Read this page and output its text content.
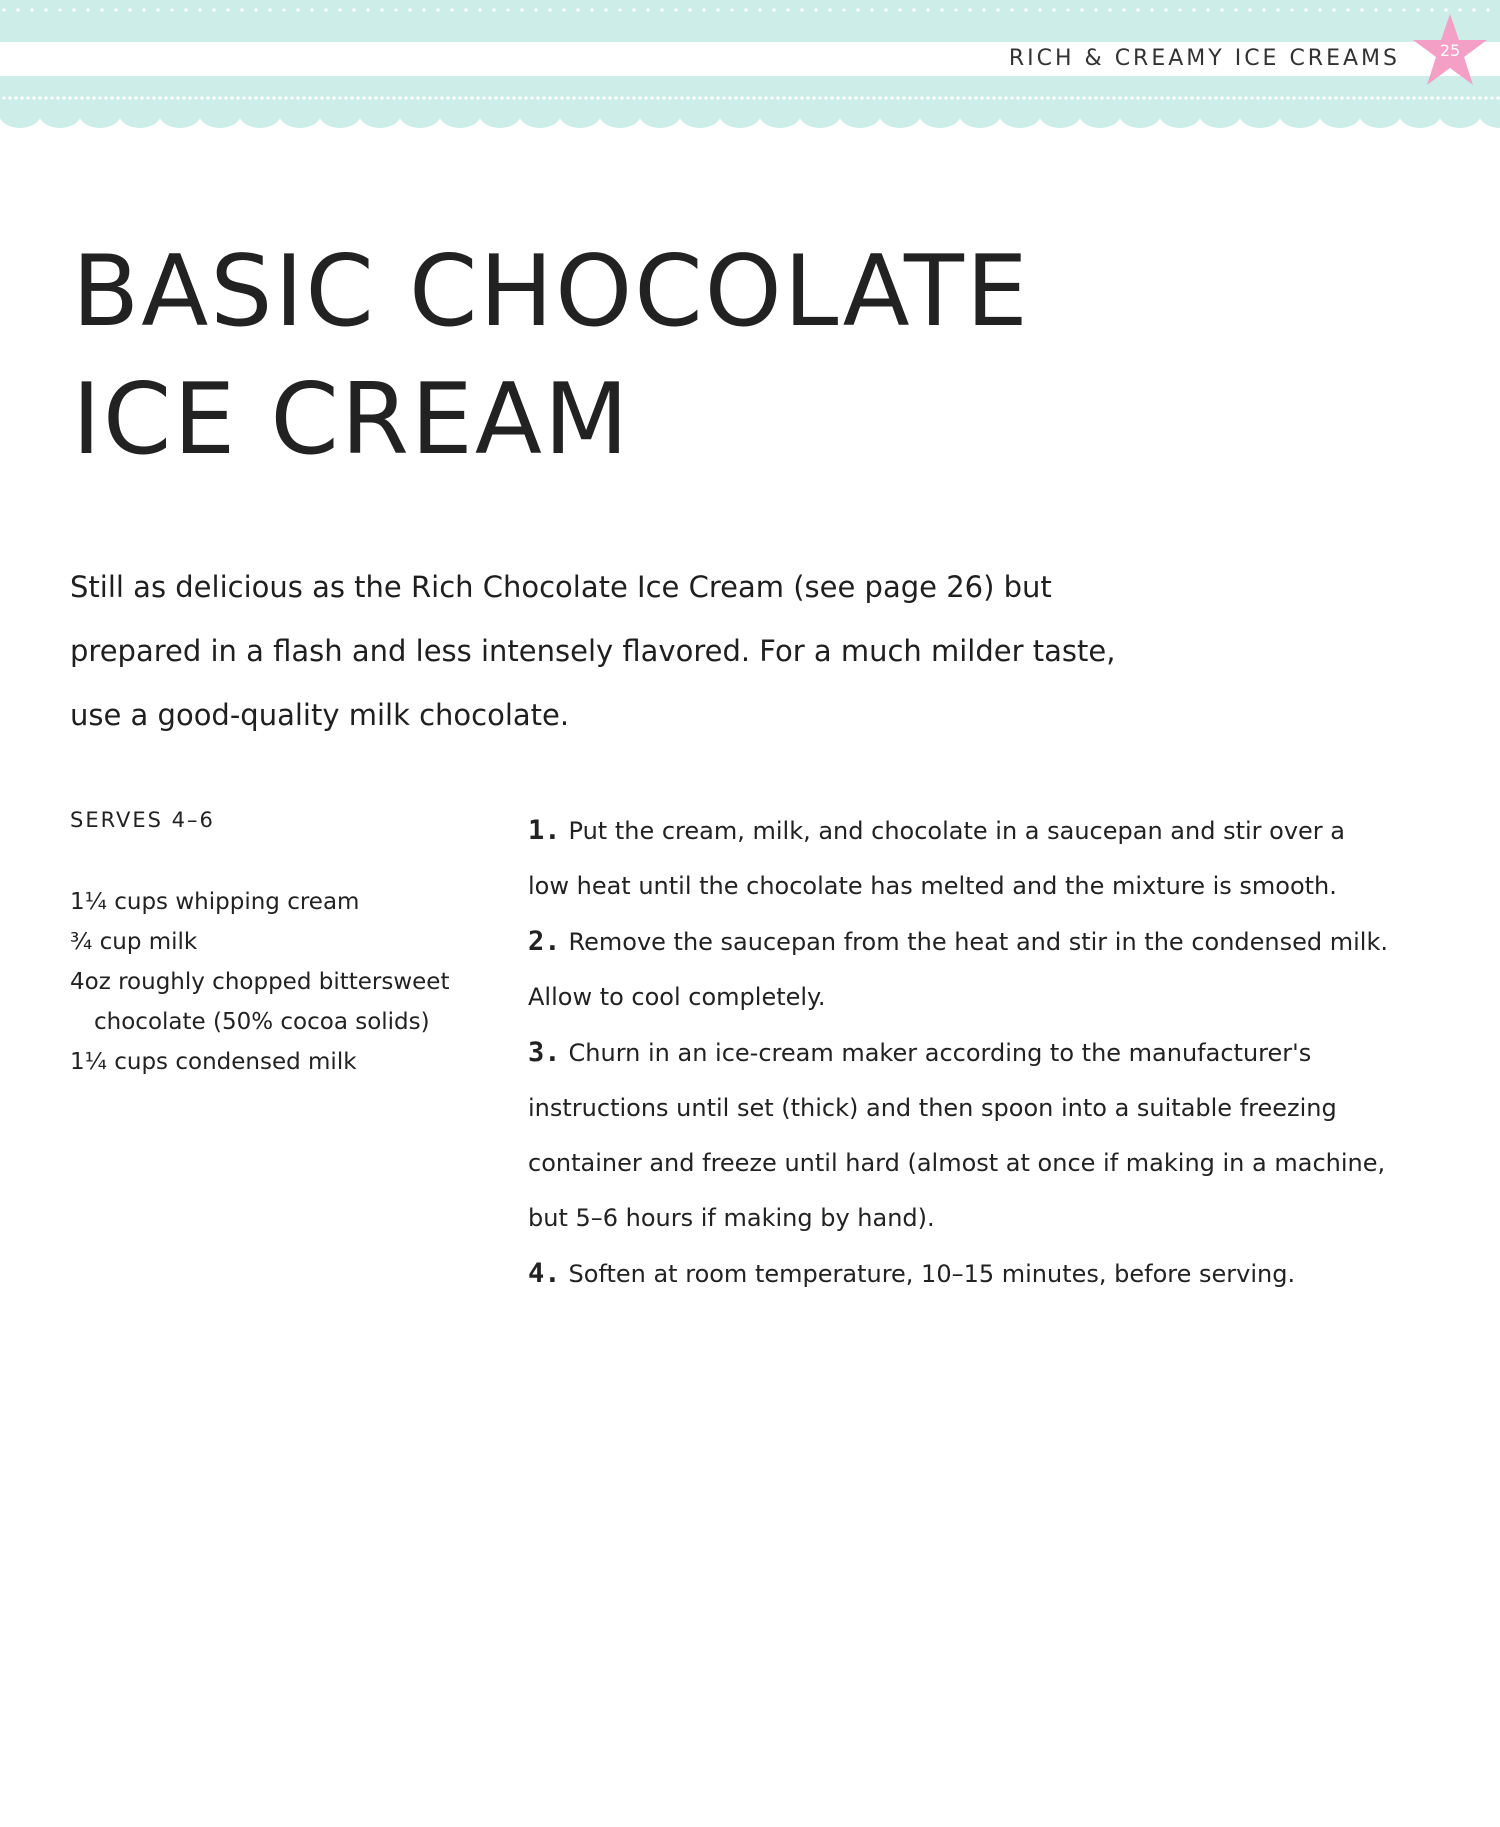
RICH & CREAMY ICE CREAMS	25
BASIC CHOCOLATE
ICE CREAM

Still as delicious as the Rich Chocolate Ice Cream (see page 26) but
prepared in a flash and less intensely flavored. For a much milder taste,
use a good-quality milk chocolate.

SERVES 4–6
1¼ cups whipping cream
¾ cup milk
4oz roughly chopped bittersweet chocolate (50% cocoa solids)
1¼ cups condensed milk
1. Put the cream, milk, and chocolate in a saucepan and stir over a low heat until the chocolate has melted and the mixture is smooth.
2. Remove the saucepan from the heat and stir in the condensed milk. Allow to cool completely.
3. Churn in an ice-cream maker according to the manufacturer's instructions until set (thick) and then spoon into a suitable freezing container and freeze until hard (almost at once if making in a machine, but 5–6 hours if making by hand).
4. Soften at room temperature, 10–15 minutes, before serving.
